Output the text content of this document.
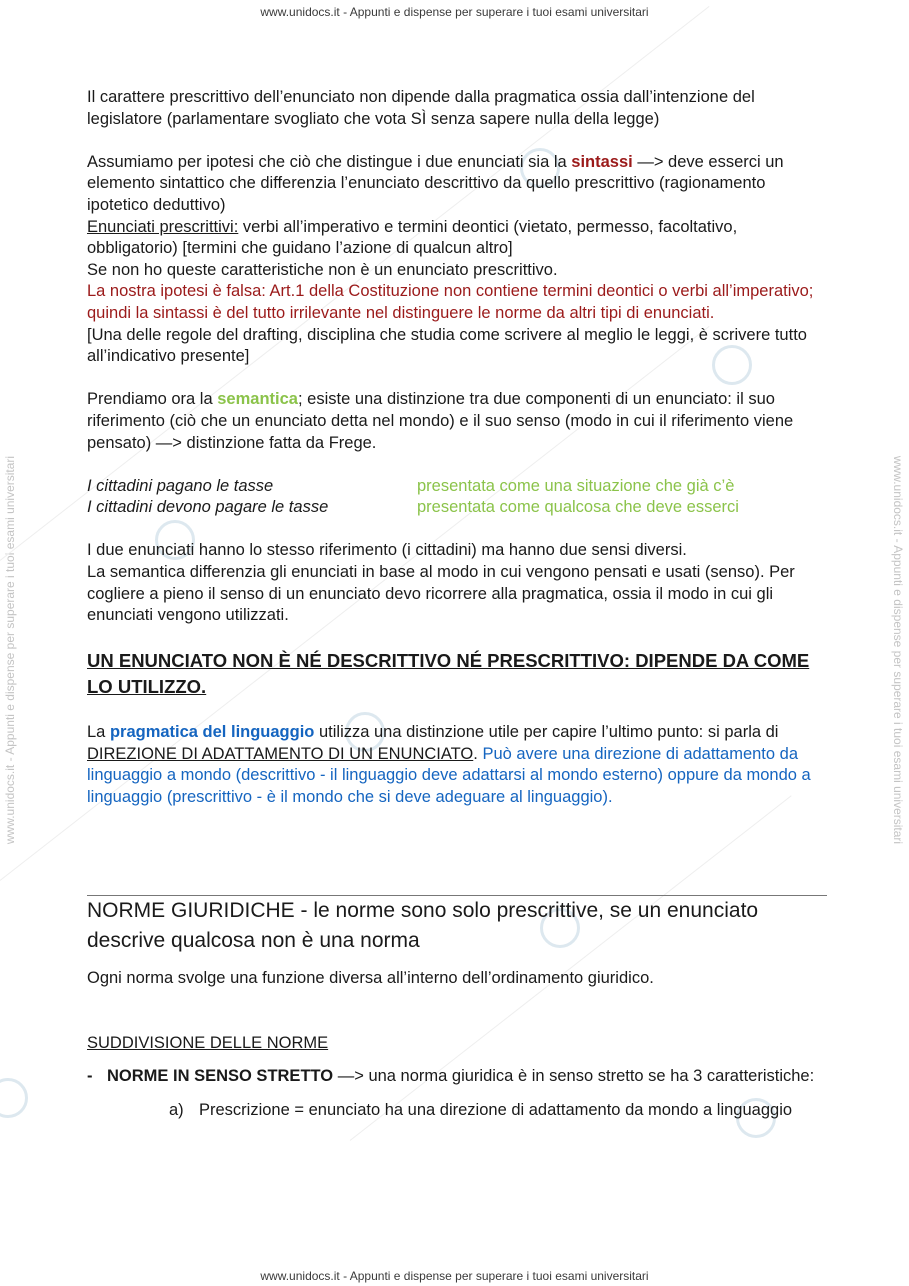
www.unidocs.it - Appunti e dispense per superare i tuoi esami universitari
www.unidocs.it - Appunti e dispense per superare i tuoi esami universitari
www.unidocs.it - Appunti e dispense per superare i tuoi esami universitari	www.unidocs.it - Appunti e dispense per superare i tuoi esami universitari

Il carattere prescrittivo dell’enunciato non dipende dalla pragmatica ossia dall’intenzione del legislatore (parlamentare svogliato che vota SÌ senza sapere nulla della legge)

Assumiamo per ipotesi che ciò che distingue i due enunciati sia la sintassi —> deve esserci un elemento sintattico che differenzia l’enunciato descrittivo da quello prescrittivo (ragionamento ipotetico deduttivo)

Enunciati prescrittivi: verbi all’imperativo e termini deontici (vietato, permesso, facoltativo, obbligatorio) [termini che guidano l’azione di qualcun altro]

Se non ho queste caratteristiche non è un enunciato prescrittivo.

La nostra ipotesi è falsa: Art.1 della Costituzione non contiene termini deontici o verbi all’imperativo; quindi la sintassi è del tutto irrilevante nel distinguere le norme da altri tipi di enunciati.

[Una delle regole del drafting, disciplina che studia come scrivere al meglio le leggi, è scrivere tutto all’indicativo presente]

Prendiamo ora la semantica; esiste una distinzione tra due componenti di un enunciato: il suo riferimento (ciò che un enunciato detta nel mondo) e il suo senso (modo in cui il riferimento viene pensato) —> distinzione fatta da Frege.

I cittadini pagano le tasse	presentata come una situazione che già c’è
I cittadini devono pagare le tasse	presentata come qualcosa che deve esserci

I due enunciati hanno lo stesso riferimento (i cittadini) ma hanno due sensi diversi.

La semantica differenzia gli enunciati in base al modo in cui vengono pensati e usati (senso). Per cogliere a pieno il senso di un enunciato devo ricorrere alla pragmatica, ossia il modo in cui gli enunciati vengono utilizzati.

UN ENUNCIATO NON È NÉ DESCRITTIVO NÉ PRESCRITTIVO: DIPENDE DA COME LO UTILIZZO.

La pragmatica del linguaggio utilizza una distinzione utile per capire l’ultimo punto: si parla di DIREZIONE DI ADATTAMENTO DI UN ENUNCIATO. Può avere una direzione di adattamento da linguaggio a mondo (descrittivo - il linguaggio deve adattarsi al mondo esterno) oppure da mondo a linguaggio (prescrittivo - è il mondo che si deve adeguare al linguaggio).

NORME GIURIDICHE - le norme sono solo prescrittive, se un enunciato descrive qualcosa non è una norma

Ogni norma svolge una funzione diversa all’interno dell’ordinamento giuridico.

SUDDIVISIONE DELLE NORME

- NORME IN SENSO STRETTO —> una norma giuridica è in senso stretto se ha 3 caratteristiche:
a) Prescrizione = enunciato ha una direzione di adattamento da mondo a linguaggio
